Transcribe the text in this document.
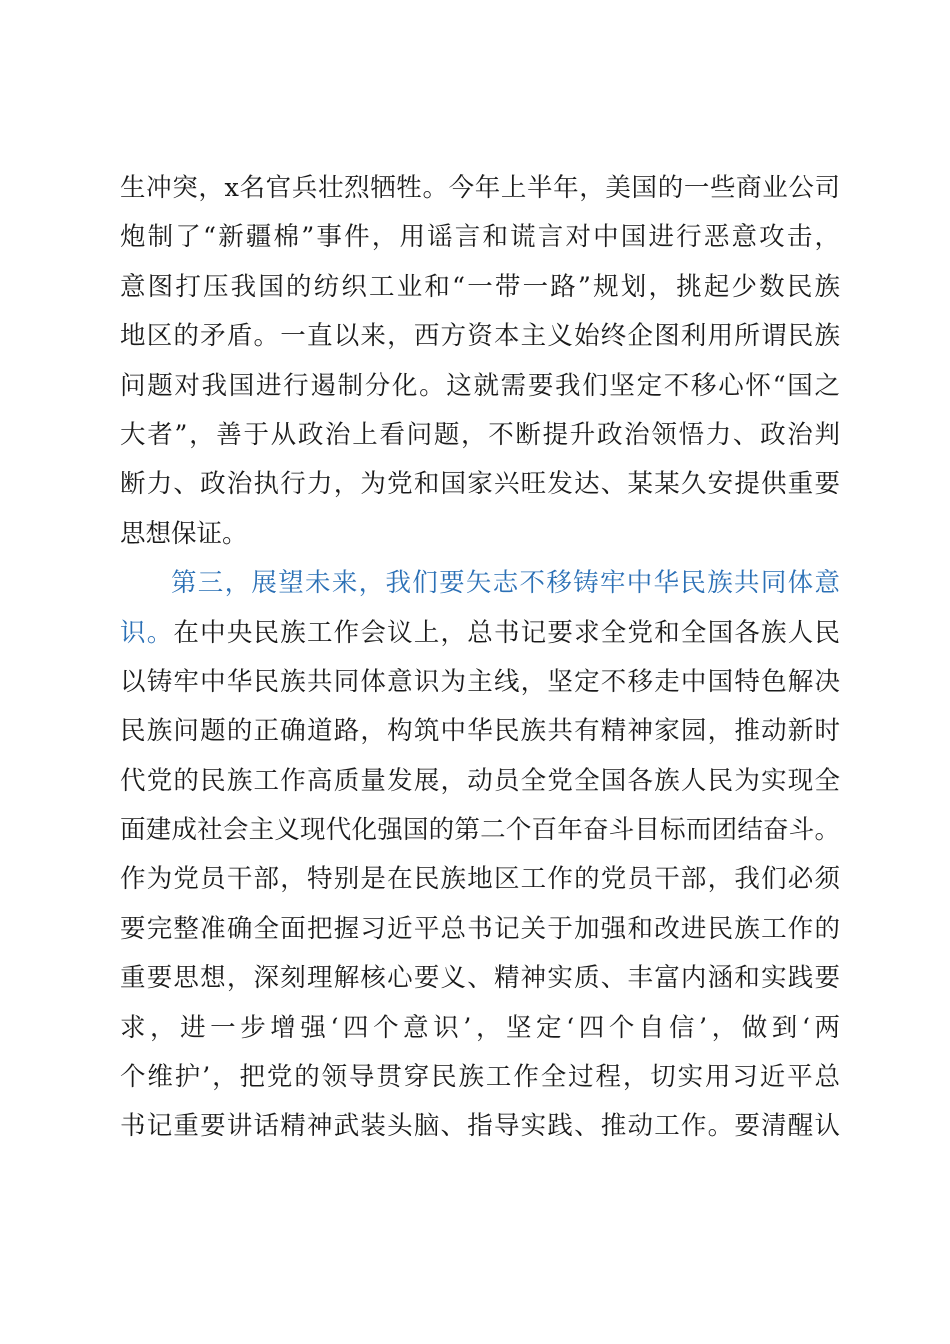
生冲突，x名官兵壮烈牺牲。今年上半年，美国的一些商业公司
炮制了“新疆棉”事件，用谣言和谎言对中国进行恶意攻击，
意图打压我国的纺织工业和“一带一路”规划，挑起少数民族
地区的矛盾。一直以来，西方资本主义始终企图利用所谓民族
问题对我国进行遏制分化。这就需要我们坚定不移心怀“国之
大者”，善于从政治上看问题，不断提升政治领悟力、政治判
断力、政治执行力，为党和国家兴旺发达、某某久安提供重要
思想保证。
第三，展望未来，我们要矢志不移铸牢中华民族共同体意
识。在中央民族工作会议上，总书记要求全党和全国各族人民
以铸牢中华民族共同体意识为主线，坚定不移走中国特色解决
民族问题的正确道路，构筑中华民族共有精神家园，推动新时
代党的民族工作高质量发展，动员全党全国各族人民为实现全
面建成社会主义现代化强国的第二个百年奋斗目标而团结奋斗。
作为党员干部，特别是在民族地区工作的党员干部，我们必须
要完整准确全面把握习近平总书记关于加强和改进民族工作的
重要思想，深刻理解核心要义、精神实质、丰富内涵和实践要
求，进一步增强‘四个意识’，坚定‘四个自信’，做到‘两
个维护’，把党的领导贯穿民族工作全过程，切实用习近平总
书记重要讲话精神武装头脑、指导实践、推动工作。要清醒认
